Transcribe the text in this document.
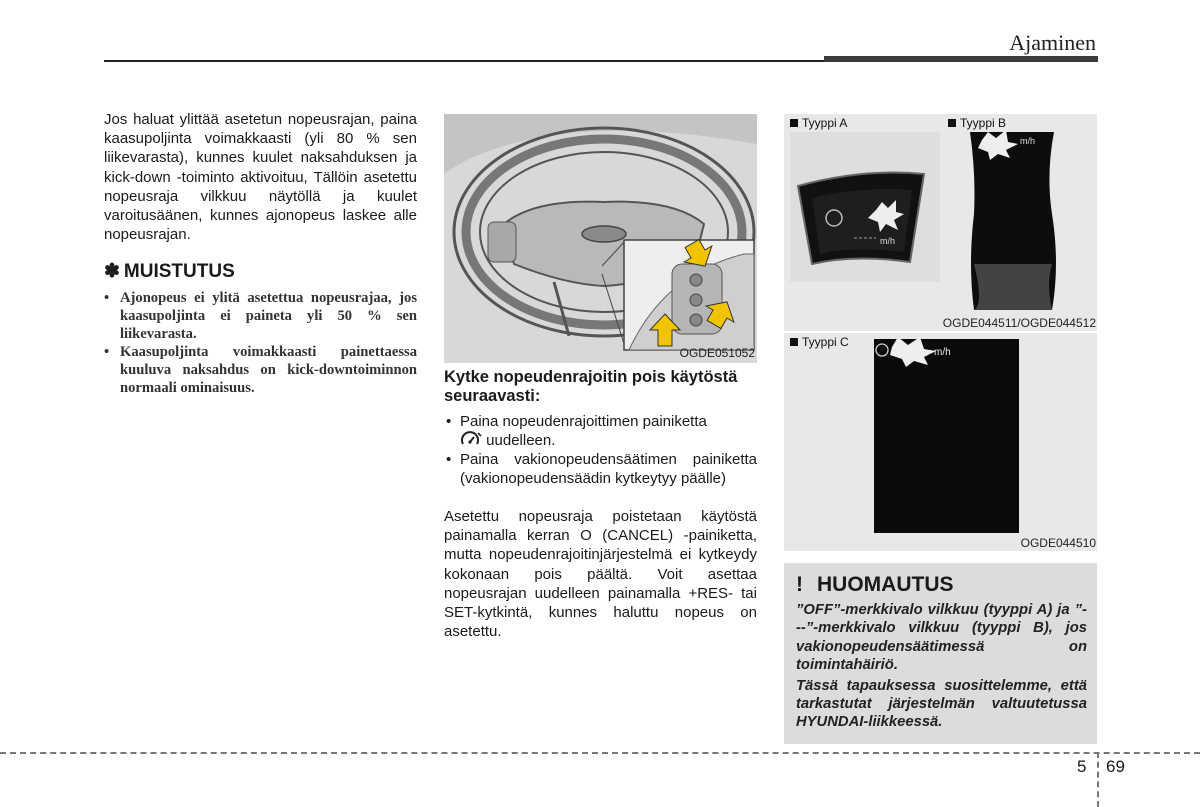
Ajaminen

Jos haluat ylittää asetetun nopeusrajan, paina kaasupoljinta voimakkaasti (yli 80 % sen liikevarasta), kunnes kuulet naksahduksen ja kick-down -toiminto aktivoituu, Tällöin asetettu nopeusraja vilkkuu näytöllä ja kuulet varoitusäänen, kunnes ajonopeus laskee alle nopeusrajan.

✽ MUISTUTUS
• Ajonopeus ei ylitä asetettua nopeusrajaa, jos kaasupoljinta ei paineta yli 50 % sen liikevarasta.
• Kaasupoljinta voimakkaasti painettaessa kuuluva naksahdus on kick-downtoiminnon normaali ominaisuus.
OGDE051052

Kytke nopeudenrajoitin pois käytöstä seuraavasti:

• Paina nopeudenrajoittimen painiketta
uudelleen.
• Paina vakionopeudensäätimen painiketta (vakionopeudensäädin kytkeytyy päälle)

Asetettu nopeusraja poistetaan käytöstä painamalla kerran O (CANCEL) -painiketta, mutta nopeudenrajoitinjärjestelmä ei kytkeydy kokonaan pois päältä. Voit asettaa nopeusrajan uudelleen painamalla +RES- tai SET-kytkintä, kunnes haluttu nopeus on asetettu.

Tyyppi A	Tyyppi B
m/h
m/h
OGDE044511/OGDE044512
Tyyppi C
m/h
OGDE044510
! HUOMAUTUS

”OFF”-merkkivalo vilkkuu (tyyppi A) ja ”---”-merkkivalo vilkkuu (tyyppi B), jos vakionopeudensäätimessä on toimintahäiriö.

Tässä tapauksessa suosittelemme, että tarkastutat järjestelmän valtuutetussa HYUNDAI-liikkeessä.

5 69
